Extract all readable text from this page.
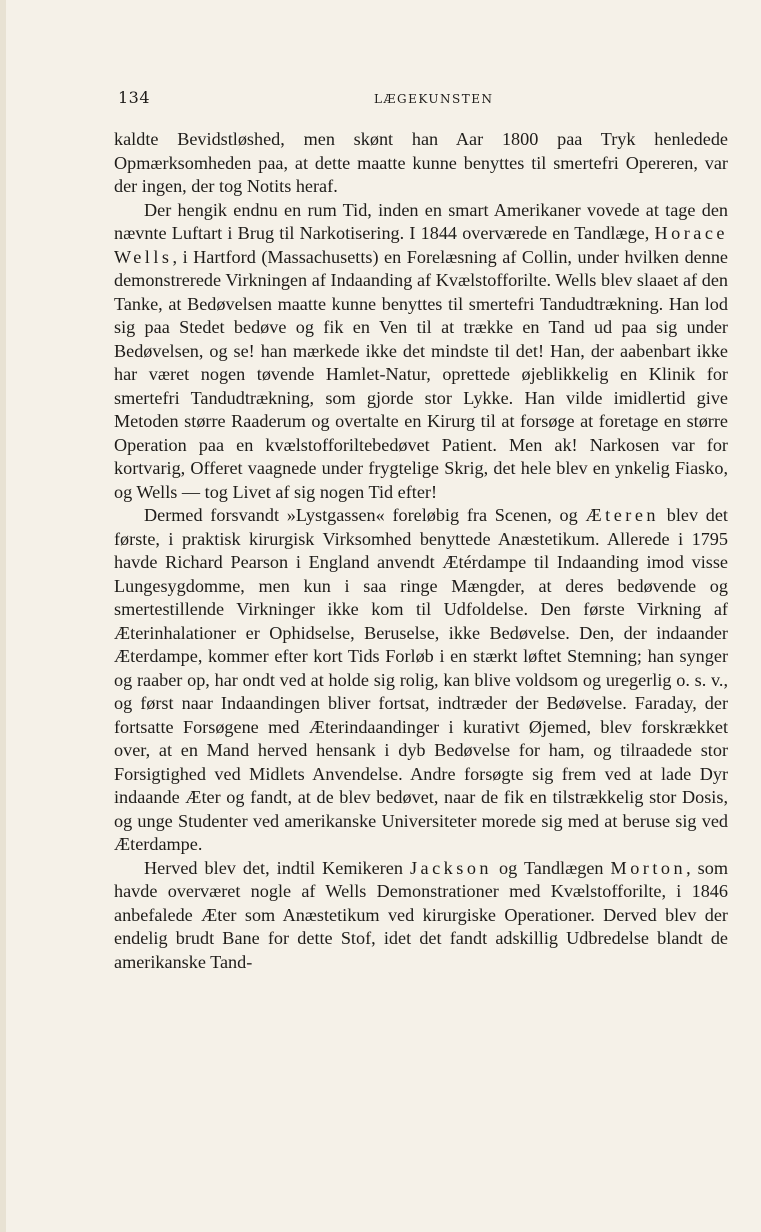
134	LÆGEKUNSTEN

kaldte Bevidstløshed, men skønt han Aar 1800 paa Tryk henledede Opmærksomheden paa, at dette maatte kunne benyttes til smertefri Opereren, var der ingen, der tog Notits heraf.

Der hengik endnu en rum Tid, inden en smart Amerikaner vovede at tage den nævnte Luftart i Brug til Narkotisering. I 1844 overværede en Tandlæge, Horace Wells, i Hartford (Massachusetts) en Forelæsning af Collin, under hvilken denne demonstrerede Virkningen af Indaanding af Kvælstofforilte. Wells blev slaaet af den Tanke, at Bedøvelsen maatte kunne benyttes til smertefri Tandudtrækning. Han lod sig paa Stedet bedøve og fik en Ven til at trække en Tand ud paa sig under Bedøvelsen, og se! han mærkede ikke det mindste til det! Han, der aabenbart ikke har været nogen tøvende Hamlet-Natur, oprettede øjeblikkelig en Klinik for smertefri Tandudtrækning, som gjorde stor Lykke. Han vilde imidlertid give Metoden større Raaderum og overtalte en Kirurg til at forsøge at foretage en større Operation paa en kvælstofforiltebedøvet Patient. Men ak! Narkosen var for kortvarig, Offeret vaagnede under frygtelige Skrig, det hele blev en ynkelig Fiasko, og Wells — tog Livet af sig nogen Tid efter!

Dermed forsvandt »Lystgassen« foreløbig fra Scenen, og Æteren blev det første, i praktisk kirurgisk Virksomhed benyttede Anæstetikum. Allerede i 1795 havde Richard Pearson i England anvendt Ætérdampe til Indaanding imod visse Lungesygdomme, men kun i saa ringe Mængder, at deres bedøvende og smertestillende Virkninger ikke kom til Udfoldelse. Den første Virkning af Æterinhalationer er Ophidselse, Beruselse, ikke Bedøvelse. Den, der indaander Æterdampe, kommer efter kort Tids Forløb i en stærkt løftet Stemning; han synger og raaber op, har ondt ved at holde sig rolig, kan blive voldsom og uregerlig o. s. v., og først naar Indaandingen bliver fortsat, indtræder der Bedøvelse. Faraday, der fortsatte Forsøgene med Æterindaandinger i kurativt Øjemed, blev forskrækket over, at en Mand herved hensank i dyb Bedøvelse for ham, og tilraadede stor Forsigtighed ved Midlets Anvendelse. Andre forsøgte sig frem ved at lade Dyr indaande Æter og fandt, at de blev bedøvet, naar de fik en tilstrækkelig stor Dosis, og unge Studenter ved amerikanske Universiteter morede sig med at beruse sig ved Æterdampe.

Herved blev det, indtil Kemikeren Jackson og Tandlægen Morton, som havde overværet nogle af Wells Demonstrationer med Kvælstofforilte, i 1846 anbefalede Æter som Anæstetikum ved kirurgiske Operationer. Derved blev der endelig brudt Bane for dette Stof, idet det fandt adskillig Udbredelse blandt de amerikanske Tand-
